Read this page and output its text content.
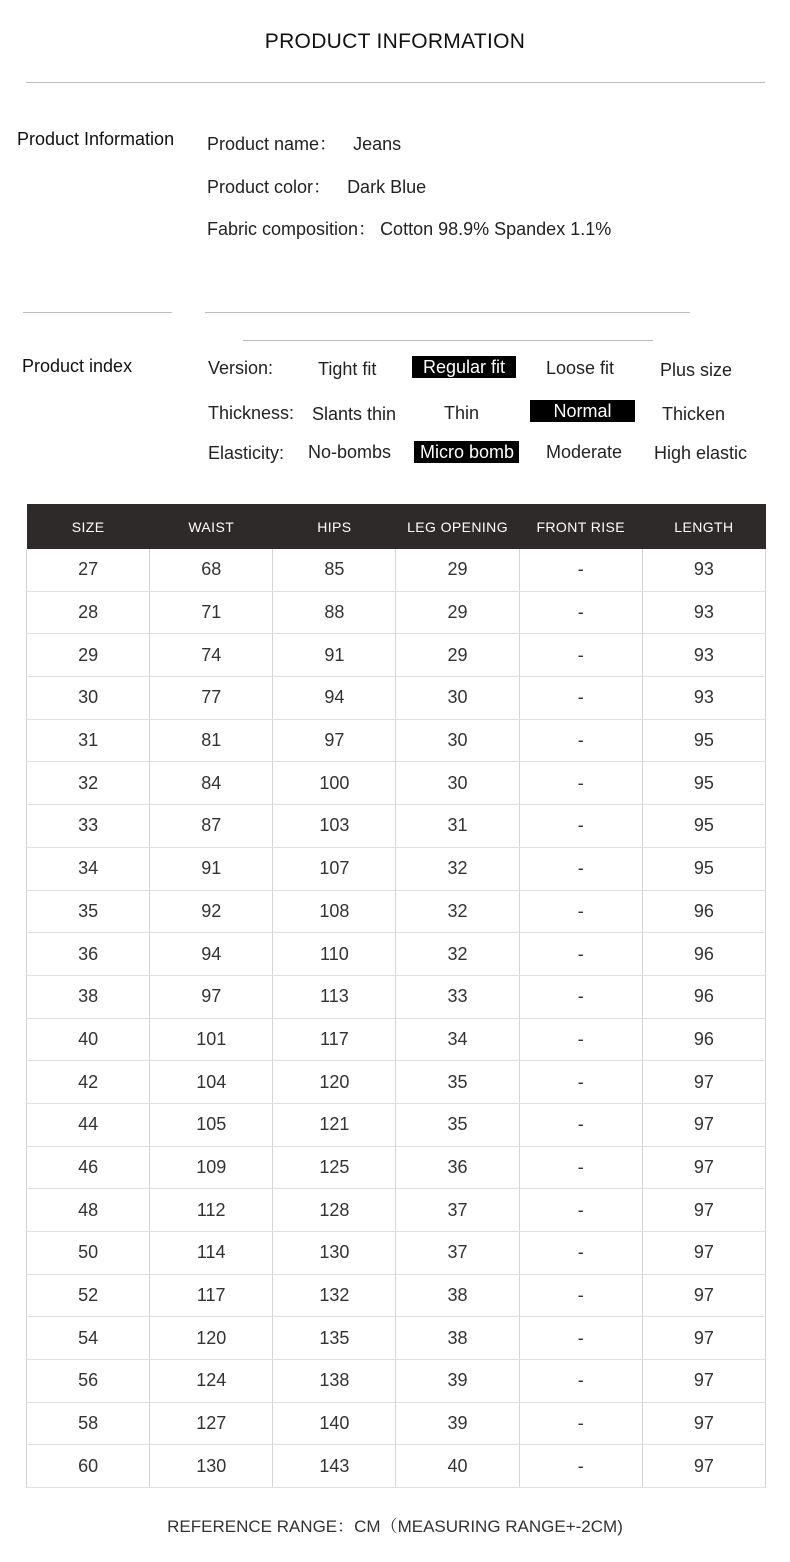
PRODUCT INFORMATION
Product Information Product name： Jeans
Product color： Dark Blue
Fabric composition： Cotton 98.9% Spandex 1.1%
Product index	Version:	Tight fit	Regular fit	Loose fit	Plus size
Thickness: Slants thin	Thin	Normal	Thicken
Elasticity:	No-bombs	Micro bomb	Moderate	High elastic
SIZE	WAIST	HIPS	LEG OPENING	FRONT RISE	LENGTH
27	68	85	29	-	93
28	71	88	29	-	93
29	74	91	29	-	93
30	77	94	30	-	93
31	81	97	30	-	95
32	84	100	30	-	95
33	87	103	31	-	95
34	91	107	32	-	95
35	92	108	32	-	96
36	94	110	32	-	96
38	97	113	33	-	96
40	101	117	34	-	96
42	104	120	35	-	97
44	105	121	35	-	97
46	109	125	36	-	97
48	112	128	37	-	97
50	114	130	37	-	97
52	117	132	38	-	97
54	120	135	38	-	97
56	124	138	39	-	97
58	127	140	39	-	97
60	130	143	40	-	97
REFERENCE RANGE：CM（MEASURING RANGE+-2CM)
